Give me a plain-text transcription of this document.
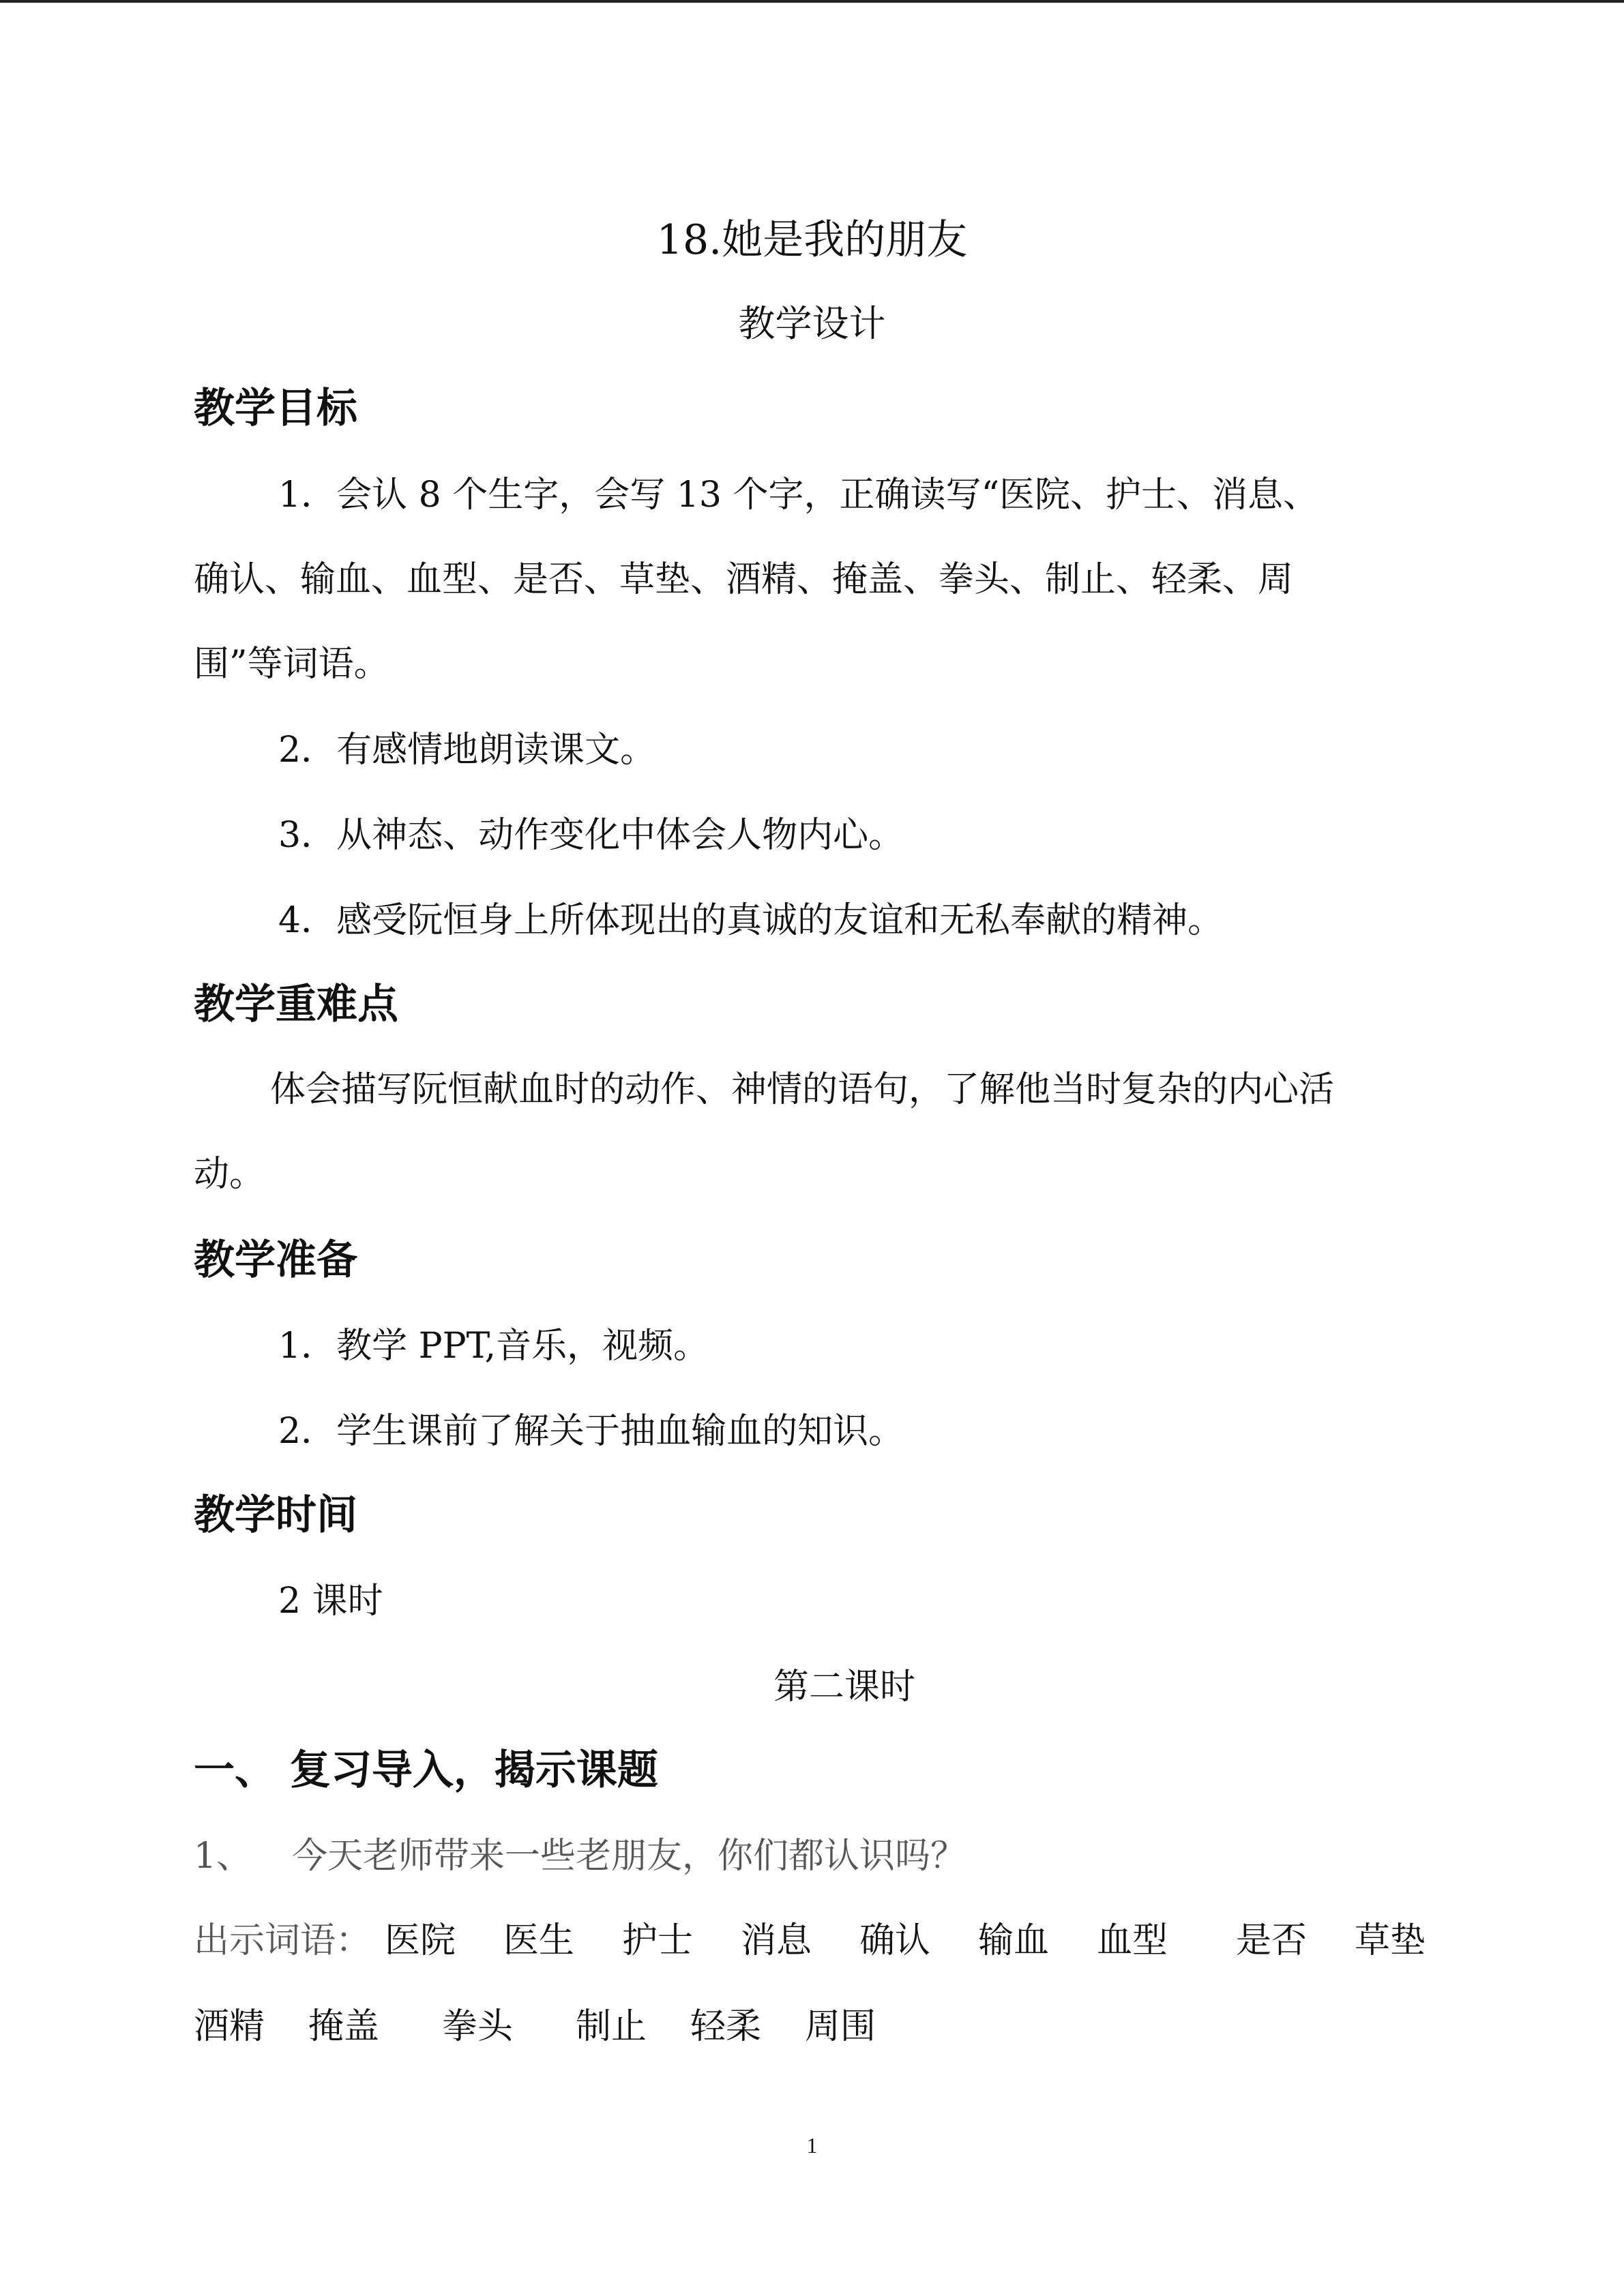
18.她是我的朋友
教学设计
教学目标
1．会认 8 个生字，会写 13 个字，正确读写“医院、护士、消息、
确认、输血、血型、是否、草垫、酒精、掩盖、拳头、制止、轻柔、周
围”等词语。
2．有感情地朗读课文。
3．从神态、动作变化中体会人物内心。
4．感受阮恒身上所体现出的真诚的友谊和无私奉献的精神。
教学重难点
体会描写阮恒献血时的动作、神情的语句，了解他当时复杂的内心活
动。
教学准备
1．教学 PPT,音乐，视频。
2．学生课前了解关于抽血输血的知识。
教学时间
2 课时
第二课时
一、 复习导入，揭示课题
1、 今天老师带来一些老朋友，你们都认识吗？
出示词语： 医院 医生 护士 消息 确认 输血 血型 是否 草垫
酒精 掩盖 拳头 制止 轻柔 周围
1
